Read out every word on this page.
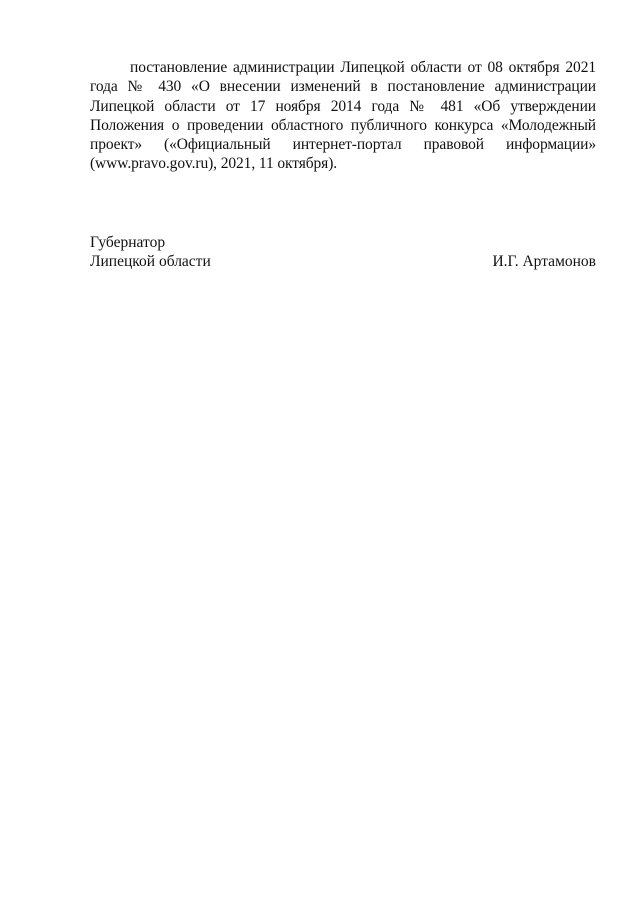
постановление администрации Липецкой области от 08 октября 2021 года № 430 «О внесении изменений в постановление администрации Липецкой области от 17 ноября 2014 года № 481 «Об утверждении Положения о проведении областного публичного конкурса «Молодежный проект» («Официальный интернет-портал правовой информации» (www.pravo.gov.ru), 2021, 11 октября).

Губернатор
Липецкой области	И.Г. Артамонов
